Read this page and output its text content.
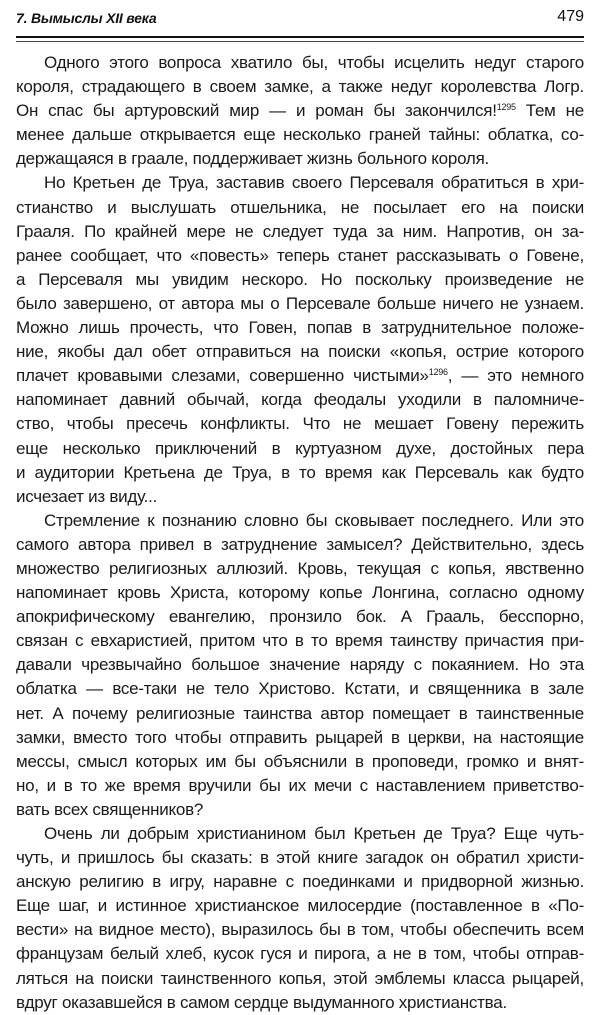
7. Вымыслы XII века	479
Одного этого вопроса хватило бы, чтобы исцелить недуг старого
короля, страдающего в своем замке, а также недуг королевства Логр.
Он спас бы артуровский мир — и роман бы закончился!$^{1295}$ Тем не
менее дальше открывается еще несколько граней тайны: облатка, со-
держащаяся в граале, поддерживает жизнь больного короля.
Но Кретьен де Труа, заставив своего Персеваля обратиться в хри-
стианство и выслушать отшельника, не посылает его на поиски
Грааля. По крайней мере не следует туда за ним. Напротив, он за-
ранее сообщает, что «повесть» теперь станет рассказывать о Говене,
а Персеваля мы увидим нескоро. Но поскольку произведение не
было завершено, от автора мы о Персевале больше ничего не узнаем.
Можно лишь прочесть, что Говен, попав в затруднительное положе-
ние, якобы дал обет отправиться на поиски «копья, острие которого
плачет кровавыми слезами, совершенно чистыми»$^{1296}$, — это немного
напоминает давний обычай, когда феодалы уходили в паломниче-
ство, чтобы пресечь конфликты. Что не мешает Говену пережить
еще несколько приключений в куртуазном духе, достойных пера
и аудитории Кретьена де Труа, в то время как Персеваль как будто
исчезает из виду...
Стремление к познанию словно бы сковывает последнего. Или это
самого автора привел в затруднение замысел? Действительно, здесь
множество религиозных аллюзий. Кровь, текущая с копья, явственно
напоминает кровь Христа, которому копье Лонгина, согласно одному
апокрифическому евангелию, пронзило бок. А Грааль, бесспорно,
связан с евхаристией, притом что в то время таинству причастия при-
давали чрезвычайно большое значение наряду с покаянием. Но эта
облатка — все-таки не тело Христово. Кстати, и священника в зале
нет. А почему религиозные таинства автор помещает в таинственные
замки, вместо того чтобы отправить рыцарей в церкви, на настоящие
мессы, смысл которых им бы объяснили в проповеди, громко и внят-
но, и в то же время вручили бы их мечи с наставлением приветство-
вать всех священников?
Очень ли добрым христианином был Кретьен де Труа? Еще чуть-
чуть, и пришлось бы сказать: в этой книге загадок он обратил христи-
анскую религию в игру, наравне с поединками и придворной жизнью.
Еще шаг, и истинное христианское милосердие (поставленное в «По-
вести» на видное место), выразилось бы в том, чтобы обеспечить всем
французам белый хлеб, кусок гуся и пирога, а не в том, чтобы отправ-
ляться на поиски таинственного копья, этой эмблемы класса рыцарей,
вдруг оказавшейся в самом сердце выдуманного христианства.
